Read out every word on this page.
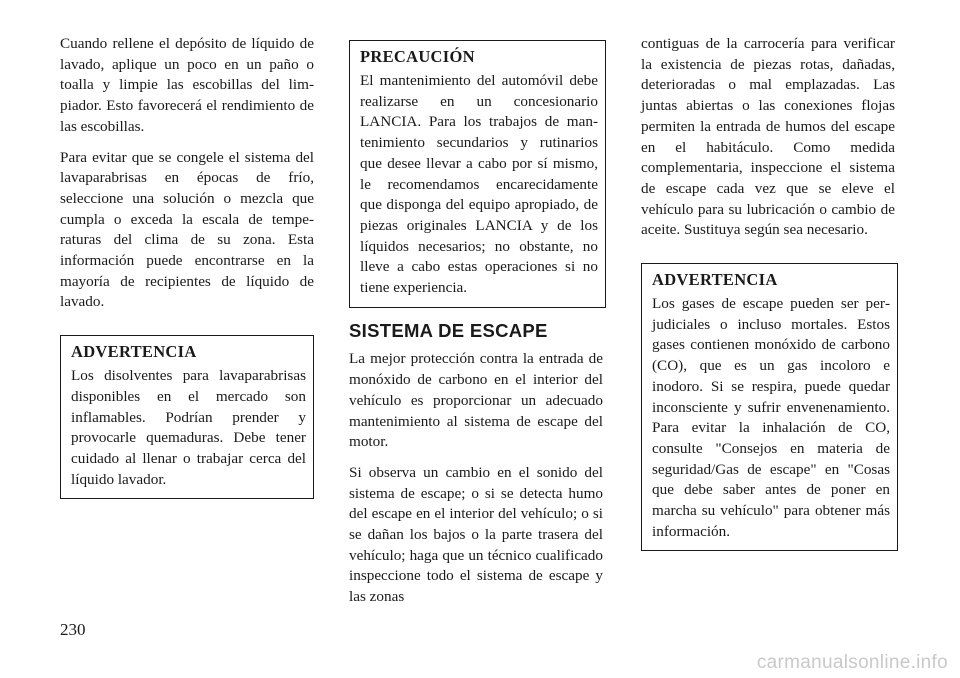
Cuando rellene el depósito de líquido de lavado, aplique un poco en un paño o toalla y limpie las escobillas del limpiador. Esto favorecerá el rendimiento de las escobillas.

Para evitar que se congele el sistema del lavaparabrisas en épocas de frío, seleccione una solución o mezcla que cumpla o exceda la escala de temperaturas del clima de su zona. Esta información puede encontrarse en la mayoría de recipientes de líquido de lavado.

ADVERTENCIA

Los disolventes para lavaparabrisas disponibles en el mercado son inflamables. Podrían prender y provocarle quemaduras. Debe tener cuidado al llenar o trabajar cerca del líquido lavador.

PRECAUCIÓN

El mantenimiento del automóvil debe realizarse en un concesionario LANCIA. Para los trabajos de mantenimiento secundarios y rutinarios que desee llevar a cabo por sí mismo, le recomendamos encarecidamente que disponga del equipo apropiado, de piezas originales LANCIA y de los líquidos necesarios; no obstante, no lleve a cabo estas operaciones si no tiene experiencia.

SISTEMA DE ESCAPE

La mejor protección contra la entrada de monóxido de carbono en el interior del vehículo es proporcionar un adecuado mantenimiento al sistema de escape del motor.

Si observa un cambio en el sonido del sistema de escape; o si se detecta humo del escape en el interior del vehículo; o si se dañan los bajos o la parte trasera del vehículo; haga que un técnico cualificado inspeccione todo el sistema de escape y las zonas

contiguas de la carrocería para verificar la existencia de piezas rotas, dañadas, deterioradas o mal emplazadas. Las juntas abiertas o las conexiones flojas permiten la entrada de humos del escape en el habitáculo. Como medida complementaria, inspeccione el sistema de escape cada vez que se eleve el vehículo para su lubricación o cambio de aceite. Sustituya según sea necesario.

ADVERTENCIA

Los gases de escape pueden ser perjudiciales o incluso mortales. Estos gases contienen monóxido de carbono (CO), que es un gas incoloro e inodoro. Si se respira, puede quedar inconsciente y sufrir envenenamiento. Para evitar la inhalación de CO, consulte "Consejos en materia de seguridad/Gas de escape" en "Cosas que debe saber antes de poner en marcha su vehículo" para obtener más información.

230
carmanualsonline.info
